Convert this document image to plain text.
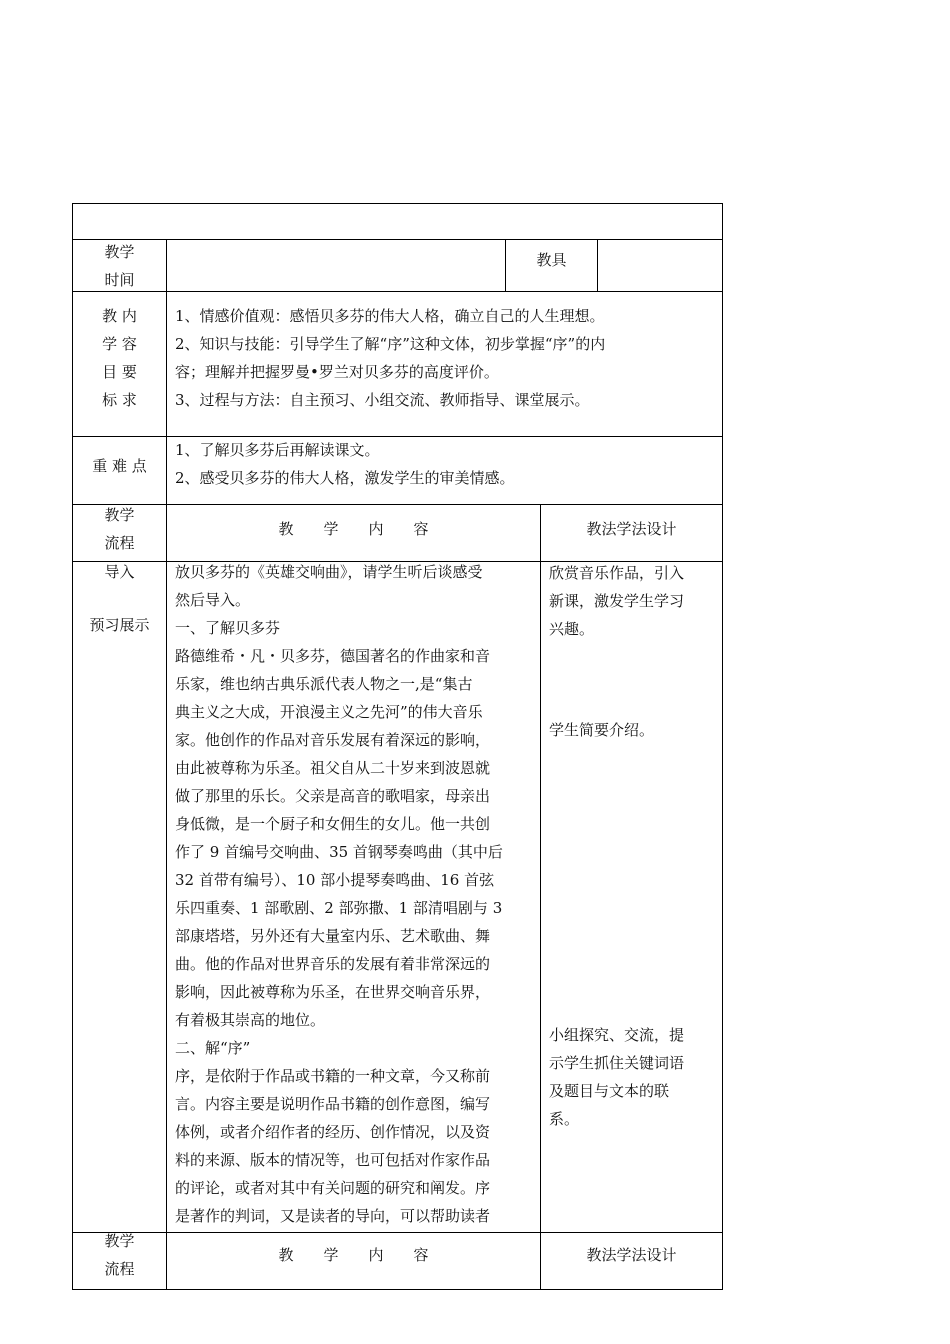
教学
时间
教具
教 内
学 容
目 要
标 求
1、情感价值观：感悟贝多芬的伟大人格，确立自己的人生理想。
2、知识与技能：引导学生了解“序”这种文体，初步掌握“序”的内
容；理解并把握罗曼•罗兰对贝多芬的高度评价。
3、过程与方法：自主预习、小组交流、教师指导、课堂展示。
重 难 点
1、了解贝多芬后再解读课文。
2、感受贝多芬的伟大人格，激发学生的审美情感。
教学
流程
教　　学　　内　　容	教法学法设计
导入
预习展示
放贝多芬的《英雄交响曲》，请学生听后谈感受
然后导入。
一、了解贝多芬
路德维希・凡・贝多芬，德国著名的作曲家和音
乐家，维也纳古典乐派代表人物之一,是“集古
典主义之大成，开浪漫主义之先河”的伟大音乐
家。他创作的作品对音乐发展有着深远的影响，
由此被尊称为乐圣。祖父自从二十岁来到波恩就
做了那里的乐长。父亲是高音的歌唱家，母亲出
身低微，是一个厨子和女佣生的女儿。他一共创
作了 9 首编号交响曲、35 首钢琴奏鸣曲（其中后
32 首带有编号）、10 部小提琴奏鸣曲、16 首弦
乐四重奏、1 部歌剧、2 部弥撒、1 部清唱剧与 3
部康塔塔，另外还有大量室内乐、艺术歌曲、舞
曲。他的作品对世界音乐的发展有着非常深远的
影响，因此被尊称为乐圣，在世界交响音乐界，
有着极其崇高的地位。
二、解“序”
序，是依附于作品或书籍的一种文章，今又称前
言。内容主要是说明作品书籍的创作意图，编写
体例，或者介绍作者的经历、创作情况，以及资
料的来源、版本的情况等，也可包括对作家作品
的评论，或者对其中有关问题的研究和阐发。序
是著作的判词，又是读者的导向，可以帮助读者
欣赏音乐作品，引入
新课，激发学生学习
兴趣。
学生简要介绍。
小组探究、交流，提
示学生抓住关键词语
及题目与文本的联
系。
教学
流程
教　　学　　内　　容	教法学法设计
